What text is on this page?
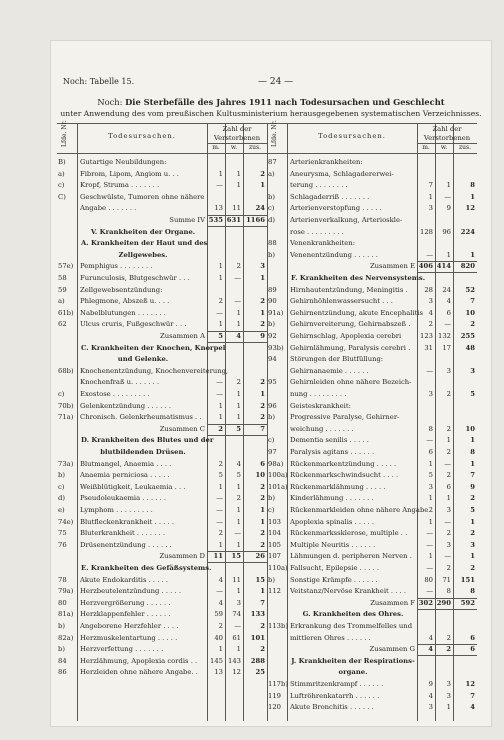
Noch: Tabelle 15.	— 24 —
Noch: Die Sterbefälle des Jahres 1911 nach Todesursachen und Geschlecht
unter Anwendung des vom preußischen Kultusministerium herausgegebenen systematischen Verzeichnisses.
Lfde. Nr.	Todesursachen.
Zahl der
Verstorbenen
m.	w.	zus.
B) Gutartige Neubildungen:
a) Fibrom, Lipom, Angiom u. . .	1	1	2
c) Kropf, Struma . . . . . . .	—	1	1
C) Geschwülste, Tumoren ohne nähere
Angabe . . . . . . .	13	11	24
Summe IV 535 631 1166
V. Krankheiten der Organe.
A. Krankheiten der Haut und des
Zellgewebes.
57e) Pemphigus . . . . . . . .	1	2	3
58 Furunculosis, Blutgeschwür . . .	1	—	1
59 Zellgewebsentzündung:
a) Phlegmone, Abszeß u. . . .	2	—	2
61b) Nabelblutungen . . . . . . .	—	1	1
62 Ulcus cruris, Fußgeschwür . . .	1	1	2
Zusammen A	5	4	9
C. Krankheiten der Knochen, Knorpel
und Gelenke.
68b) Knochenentzündung, Knochenvereiterung,
Knochenfraß u. . . . . . .	—	2	2
c) Exostose . . . . . . . . .	—	1	1
70b) Gelenkentzündung . . . . . .	1	1	2
71a) Chronisch. Gelenkrheumatismus . .	1	1	2
Zusammen C	2	5	7
D. Krankheiten des Blutes und der
blutbildenden Drüsen.
73a) Blutmangel, Anaemia . . . .	2	4	6
b) Anaemia perniciosa . . . . .	5	5	10
c) Weißblütigkeit, Leukaemia . . .	1	1	2
d) Pseudoleukaemia . . . . . .	—	2	2
e) Lymphom . . . . . . . . .	—	1	1
74e) Blutfleckenkrankheit . . . . .	—	1	1
75 Bluterkrankheit . . . . . . .	2	—	2
76 Drüsenentzündung . . . . . .	1	1	2
Zusammen D	11	15	26
E. Krankheiten des Gefäßsystems.
78 Akute Endokarditis . . . . .	4	11	15
79a) Herzbeutelentzündung . . . . .	—	1	1
80 Herzvergrößerung . . . . . .	4	3	7
81a) Herzklappenfehler . . . . . .	59	74	133
b) Angeborene Herzfehler . . . .	2	—	2
82a) Herzmuskelentartung . . . . .	40	61	101
b) Herzverfettung . . . . . . .	1	1	2
84 Herzlähmung, Apoplexia cordis . .	145 143	288
86 Herzleiden ohne nähere Angabe. .	13	12	25
Lfde. Nr.	Todesursachen.
Zahl der
Verstorbenen
m.	w.	zus.
87 Arterienkrankheiten:
a) Aneurysma, Schlagadererwei-
terung . . . . . . . .	7	1	8
b) Schlagaderriß . . . . . . .	1	—	1
c) Arterienverstopfung . . . . .	3	9	12
d) Arterienverkalkung, Arteriosklе-
rose . . . . . . . . .	128	96	224
88 Venenkrankheiten:
b) Venenentzündung . . . . . .	—	1	1
Zusammen E 406 414	820
F. Krankheiten des Nervensystems.
89 Hirnhautentzündung, Meningitis .	28	24	52
90 Gehirnhöhlenwassersucht . . .	3	4	7
91a) Gehirnentzündung, akute Encephalitis 4	6	10
b) Gehirnvereiterung, Gehirnabszeß .	2	—	2
92 Gehirnschlag, Apoplexia cerebri	123 132	255
93b) Gehirnlähmung, Paralysis cerebri .	31	17	48
94 Störungen der Blutfüllung:
Gehirnanaemie . . . . . .	—	3	3
95 Gehirnleiden ohne nähere Bezeich-
nung . . . . . . . . .	3	2	5
96 Geisteskrankheit:
b) Progressive Paralyse, Gehirner-
weichung . . . . . . .	8	2	10
c) Dementia senilis . . . . .	—	1	1
97 Paralysis agitans . . . . . .	6	2	8
98a) Rückenmarkentzündung . . . . .	1	—	1
100a) Rückenmarkschwindsucht . . . .	5	2	7
101a) Rückenmarklähmung . . . . .	3	6	9
b) Kinderlähmung . . . . . . .	1	1	2
c) Rückenmarkleiden ohne nähere Angabe 2	3	5
103 Apoplexia spinalis . . . . .	1	—	1
104 Rückenmarkssklerose, multiple . .	—	2	2
105 Multiple Neuritis . . . . . .	—	3	3
107 Lähmungen d. peripheren Nerven .	1	—	1
110a) Fallsucht, Epilepsie . . . . .	—	2	2
b) Sonstige Krämpfe . . . . . .	80	71	151
112 Veitstanz/Nervöse Krankheit . . . .	—	8	8
Zusammen F 302 290	592
G. Krankheiten des Ohres.
113b) Erkrankung des Trommelfelles und
mittleren Ohres . . . . . .	4	2	6
Zusammen G	4	2	6
J. Krankheiten der Respirations-
organe.
117b) Stimmritzenkrampf . . . . . .	9	3	12
119 Luftröhrenkatarrh . . . . . .	4	3	7
120 Akute Bronchitis . . . . . .	3	1	4
